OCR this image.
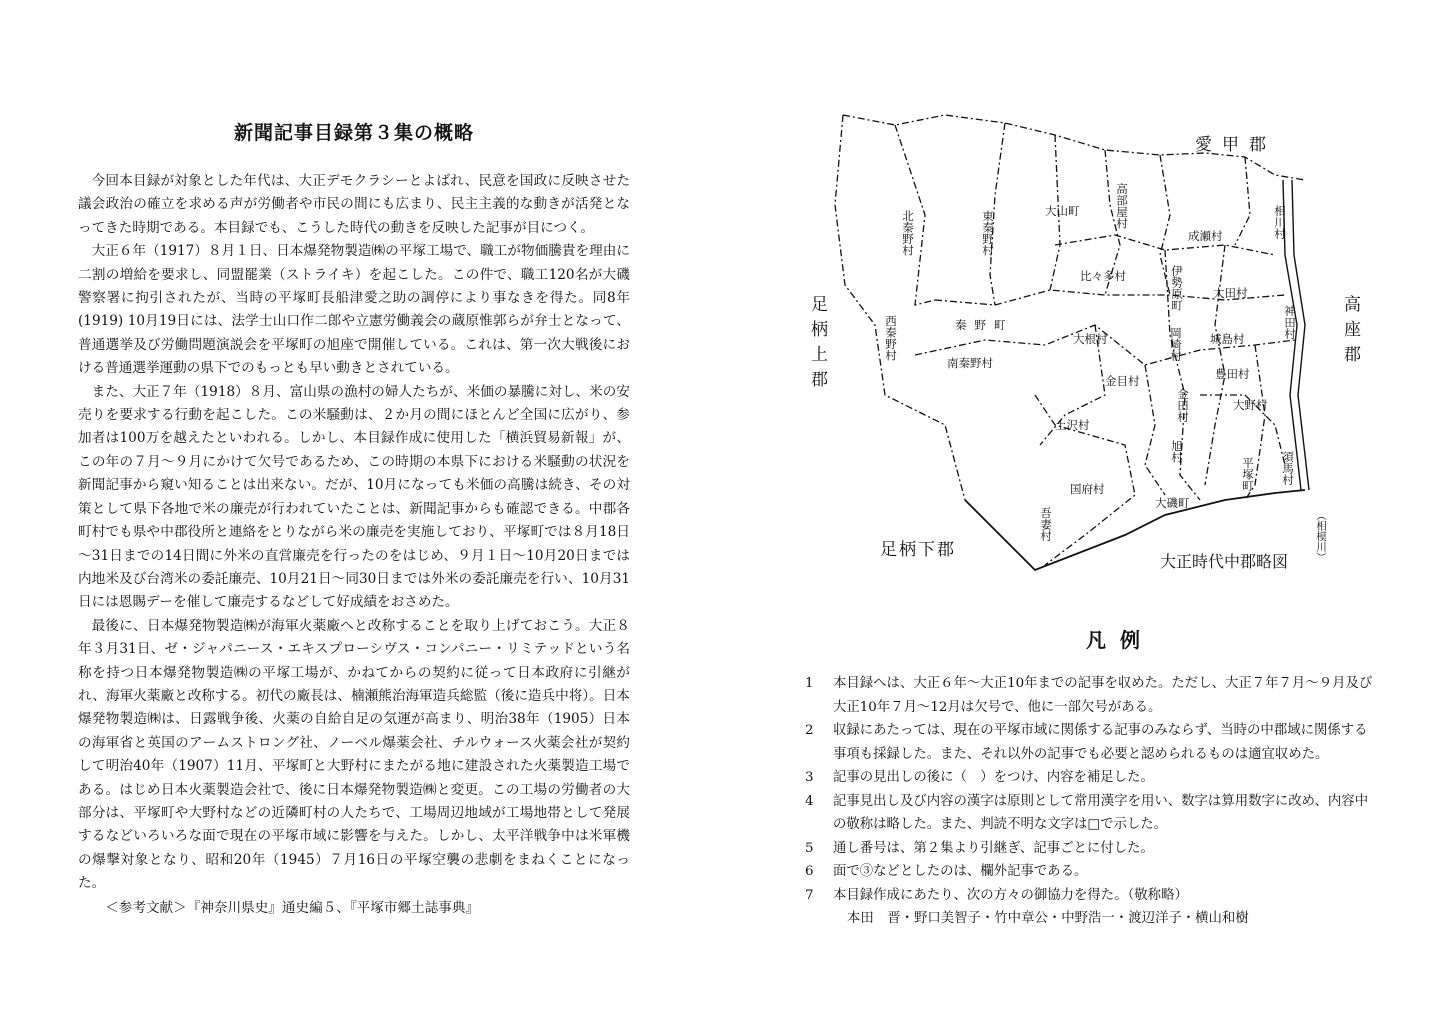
新聞記事目録第３集の概略

今回本目録が対象とした年代は、大正デモクラシーとよばれ、民意を国政に反映させた議会政治の確立を求める声が労働者や市民の間にも広まり、民主主義的な動きが活発となってきた時期である。本目録でも、こうした時代の動きを反映した記事が目につく。

大正６年（1917）８月１日、日本爆発物製造㈱の平塚工場で、職工が物価騰貴を理由に二割の増給を要求し、同盟罷業（ストライキ）を起こした。この件で、職工120名が大磯警察署に拘引されたが、当時の平塚町長船津愛之助の調停により事なきを得た。同8年(1919) 10月19日には、法学士山口作二郎や立憲労働義会の蔵原惟郭らが弁士となって、普通選挙及び労働問題演説会を平塚町の旭座で開催している。これは、第一次大戦後における普通選挙運動の県下でのもっとも早い動きとされている。

また、大正７年（1918）８月、富山県の漁村の婦人たちが、米価の暴騰に対し、米の安売りを要求する行動を起こした。この米騒動は、２か月の間にほとんど全国に広がり、参加者は100万を越えたといわれる。しかし、本目録作成に使用した「横浜貿易新報」が、この年の７月～９月にかけて欠号であるため、この時期の本県下における米騒動の状況を新聞記事から窺い知ることは出来ない。だが、10月になっても米価の高騰は続き、その対策として県下各地で米の廉売が行われていたことは、新聞記事からも確認できる。中郡各町村でも県や中郡役所と連絡をとりながら米の廉売を実施しており、平塚町では８月18日～31日までの14日間に外米の直営廉売を行ったのをはじめ、９月１日～10月20日までは内地米及び台湾米の委託廉売、10月21日～同30日までは外米の委託廉売を行い、10月31日には恩賜デーを催して廉売するなどして好成績をおさめた。

最後に、日本爆発物製造㈱が海軍火薬廠へと改称することを取り上げておこう。大正８年３月31日、ゼ・ジャパニース・エキスプローシヴス・コンパニー・リミテッドという名称を持つ日本爆発物製造㈱の平塚工場が、かねてからの契約に従って日本政府に引継がれ、海軍火薬廠と改称する。初代の廠長は、楠瀬熊治海軍造兵総監（後に造兵中将）。日本爆発物製造㈱は、日露戦争後、火薬の自給自足の気運が高まり、明治38年（1905）日本の海軍省と英国のアームストロング社、ノーベル爆薬会社、チルウォース火薬会社が契約して明治40年（1907）11月、平塚町と大野村にまたがる地に建設された火薬製造工場である。はじめ日本火薬製造会社で、後に日本爆発物製造㈱と変更。この工場の労働者の大部分は、平塚町や大野村などの近隣町村の人たちで、工場周辺地域が工場地帯として発展するなどいろいろな面で現在の平塚市域に影響を与えた。しかし、太平洋戦争中は米軍機の爆撃対象となり、昭和20年（1945）７月16日の平塚空襲の悲劇をまねくことになった。

＜参考文献＞『神奈川県史』通史編５、『平塚市郷土誌事典』

愛甲郡
足柄上郡	高座郡
足柄下郡
大正時代中郡略図
北秦野村	東秦野村
西秦野村	秦野町
南秦野村
大山町	高部屋村
比々多村
成瀬村	相川村
伊勢原町	大田村
神田村
大根村	岡崎村 城島村
金目村
金田村
豊田村
土沢村
旭村
大野村
平塚町 須馬村
国府村
大磯町
吾妻村	（相模川）
凡例
1 本目録へは、大正６年～大正10年までの記事を収めた。ただし、大正７年７月～９月及び大正10年７月～12月は欠号で、他に一部欠号がある。
2 収録にあたっては、現在の平塚市域に関係する記事のみならず、当時の中郡域に関係する事項も採録した。また、それ以外の記事でも必要と認められるものは適宜収めた。
3 記事の見出しの後に（　）をつけ、内容を補足した。
4 記事見出し及び内容の漢字は原則として常用漢字を用い、数字は算用数字に改め、内容中の敬称は略した。また、判読不明な文字は□で示した。
5 通し番号は、第２集より引継ぎ、記事ごとに付した。
6 面で③などとしたのは、欄外記事である。
7 本目録作成にあたり、次の方々の御協力を得た。（敬称略）
本田　晋・野口美智子・竹中章公・中野浩一・渡辺洋子・横山和樹
